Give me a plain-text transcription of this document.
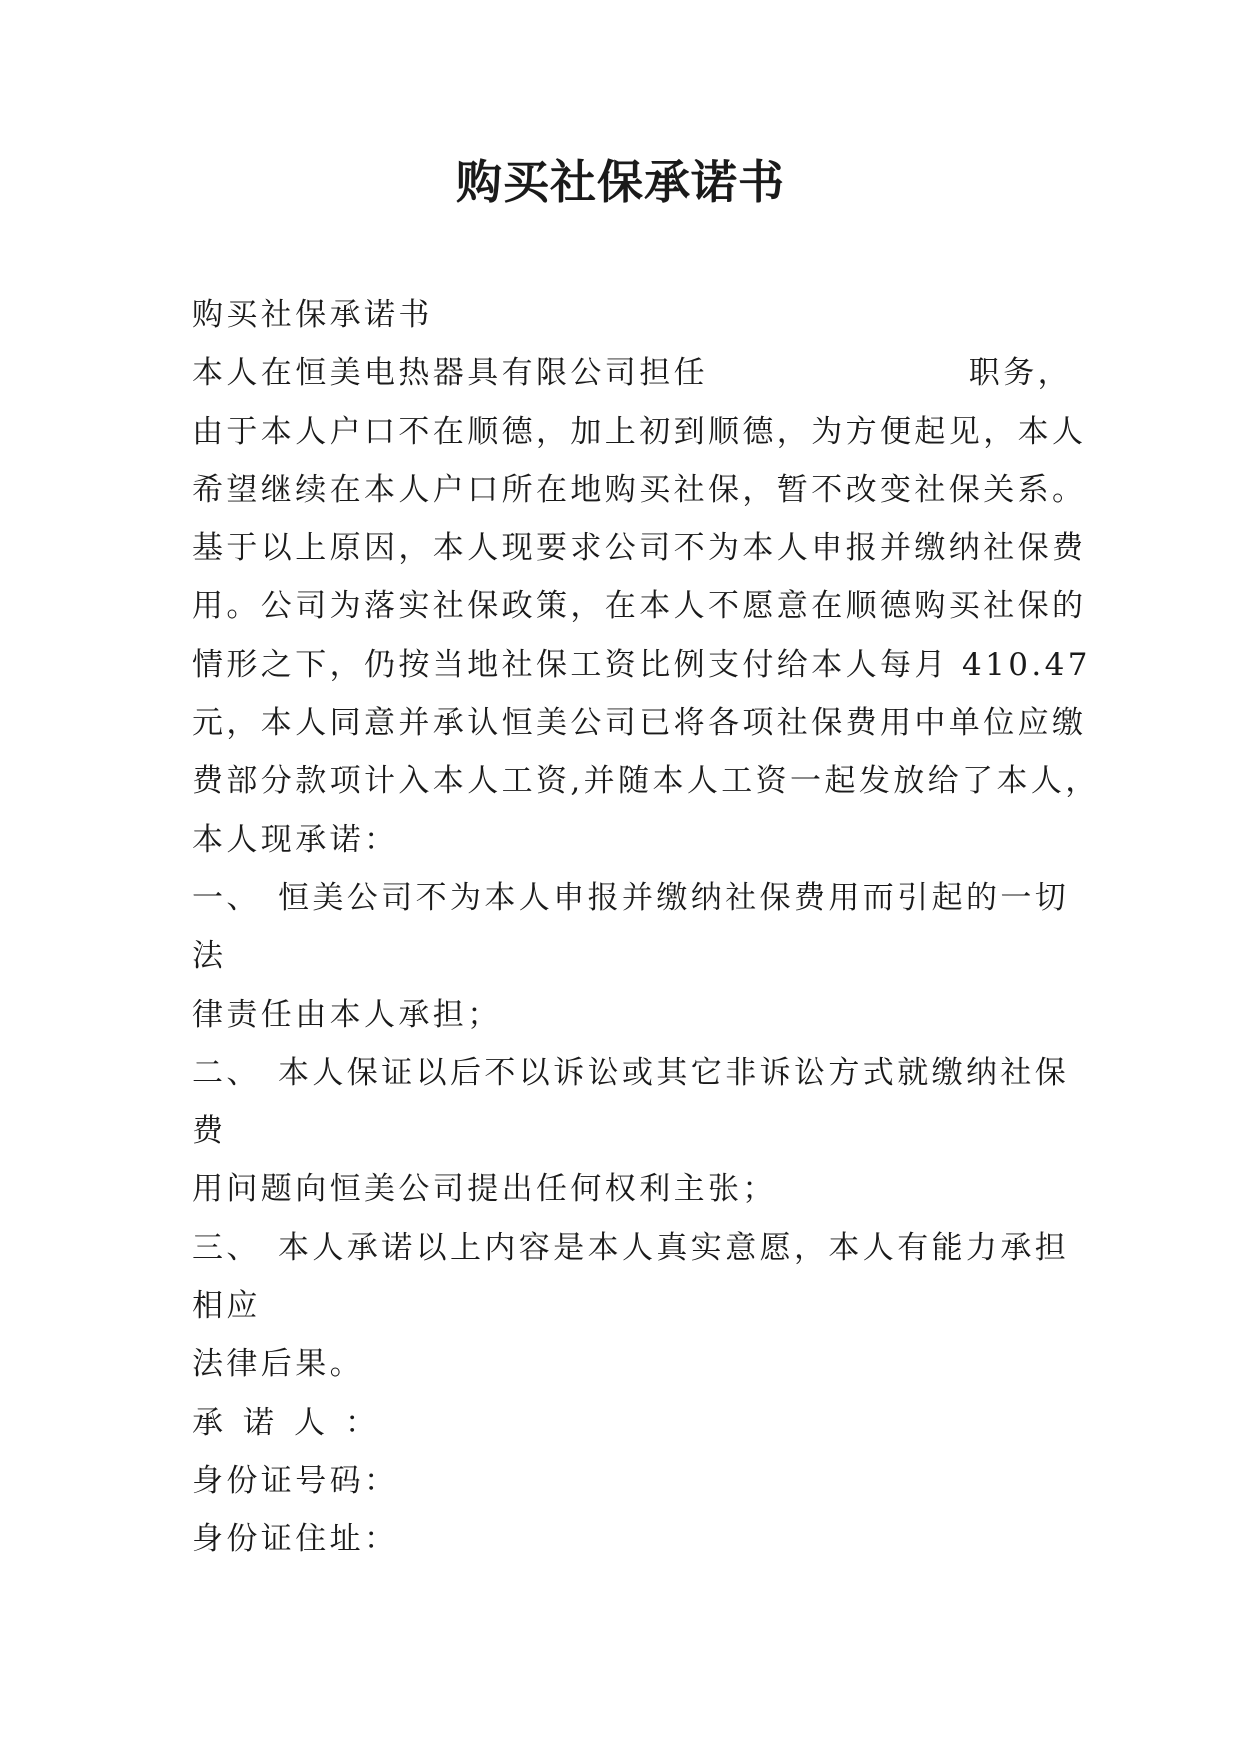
购买社保承诺书
购买社保承诺书
本人在恒美电热器具有限公司担任	职务，
由于本人户口不在顺德，加上初到顺德，为方便起见，本人
希望继续在本人户口所在地购买社保，暂不改变社保关系。
基于以上原因，本人现要求公司不为本人申报并缴纳社保费
用。公司为落实社保政策，在本人不愿意在顺德购买社保的
情形之下，仍按当地社保工资比例支付给本人每月 410.47
元，本人同意并承认恒美公司已将各项社保费用中单位应缴
费部分款项计入本人工资,并随本人工资一起发放给了本人，
本人现承诺：
一、 恒美公司不为本人申报并缴纳社保费用而引起的一切
法
律责任由本人承担；
二、 本人保证以后不以诉讼或其它非诉讼方式就缴纳社保
费
用问题向恒美公司提出任何权利主张；
三、 本人承诺以上内容是本人真实意愿，本人有能力承担
相应
法律后果。
承诺人：
身份证号码：
身份证住址：
